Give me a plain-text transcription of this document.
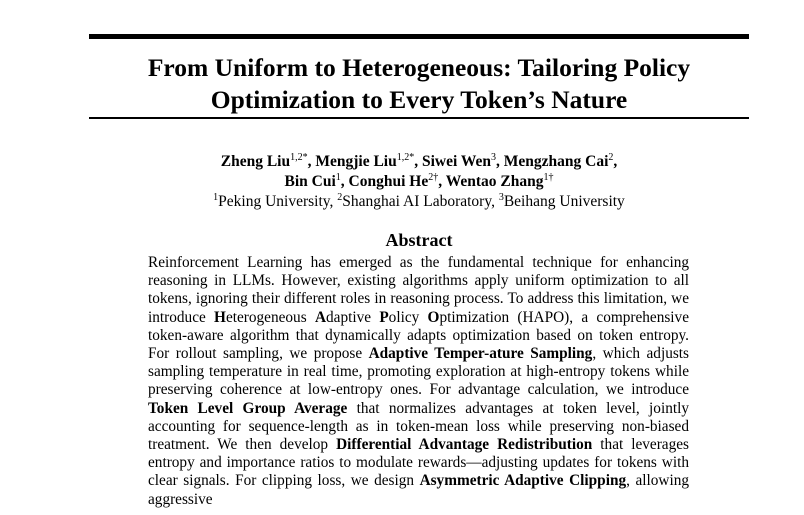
From Uniform to Heterogeneous: Tailoring Policy
Optimization to Every Token’s Nature
Zheng Liu$^{1,2*}$, Mengjie Liu$^{1,2*}$, Siwei Wen$^3$, Mengzhang Cai$^2$,
Bin Cui$^1$, Conghui $He^{2\dagger}$, Wentao Zhang$^{1\dagger}$
$^1$Peking University, $^2$Shanghai AI Laboratory, $^3$Beihang University
Abstract
Reinforcement Learning has emerged as the fundamental technique for enhancing reasoning in LLMs. However, existing algorithms apply uniform optimization to all tokens, ignoring their different roles in reasoning process. To address this limitation, we introduce Heterogeneous Adaptive Policy Optimization (HAPO), a comprehensive token-aware algorithm that dynamically adapts optimization based on token entropy. For rollout sampling, we propose Adaptive Temper-ature Sampling, which adjusts sampling temperature in real time, promoting exploration at high-entropy tokens while preserving coherence at low-entropy ones. For advantage calculation, we introduce Token Level Group Average that normalizes advantages at token level, jointly accounting for sequence-length as in token-mean loss while preserving non-biased treatment. We then develop Differential Advantage Redistribution that leverages entropy and importance ratios to modulate rewards—adjusting updates for tokens with clear signals. For clipping loss, we design Asymmetric Adaptive Clipping, allowing aggressive
